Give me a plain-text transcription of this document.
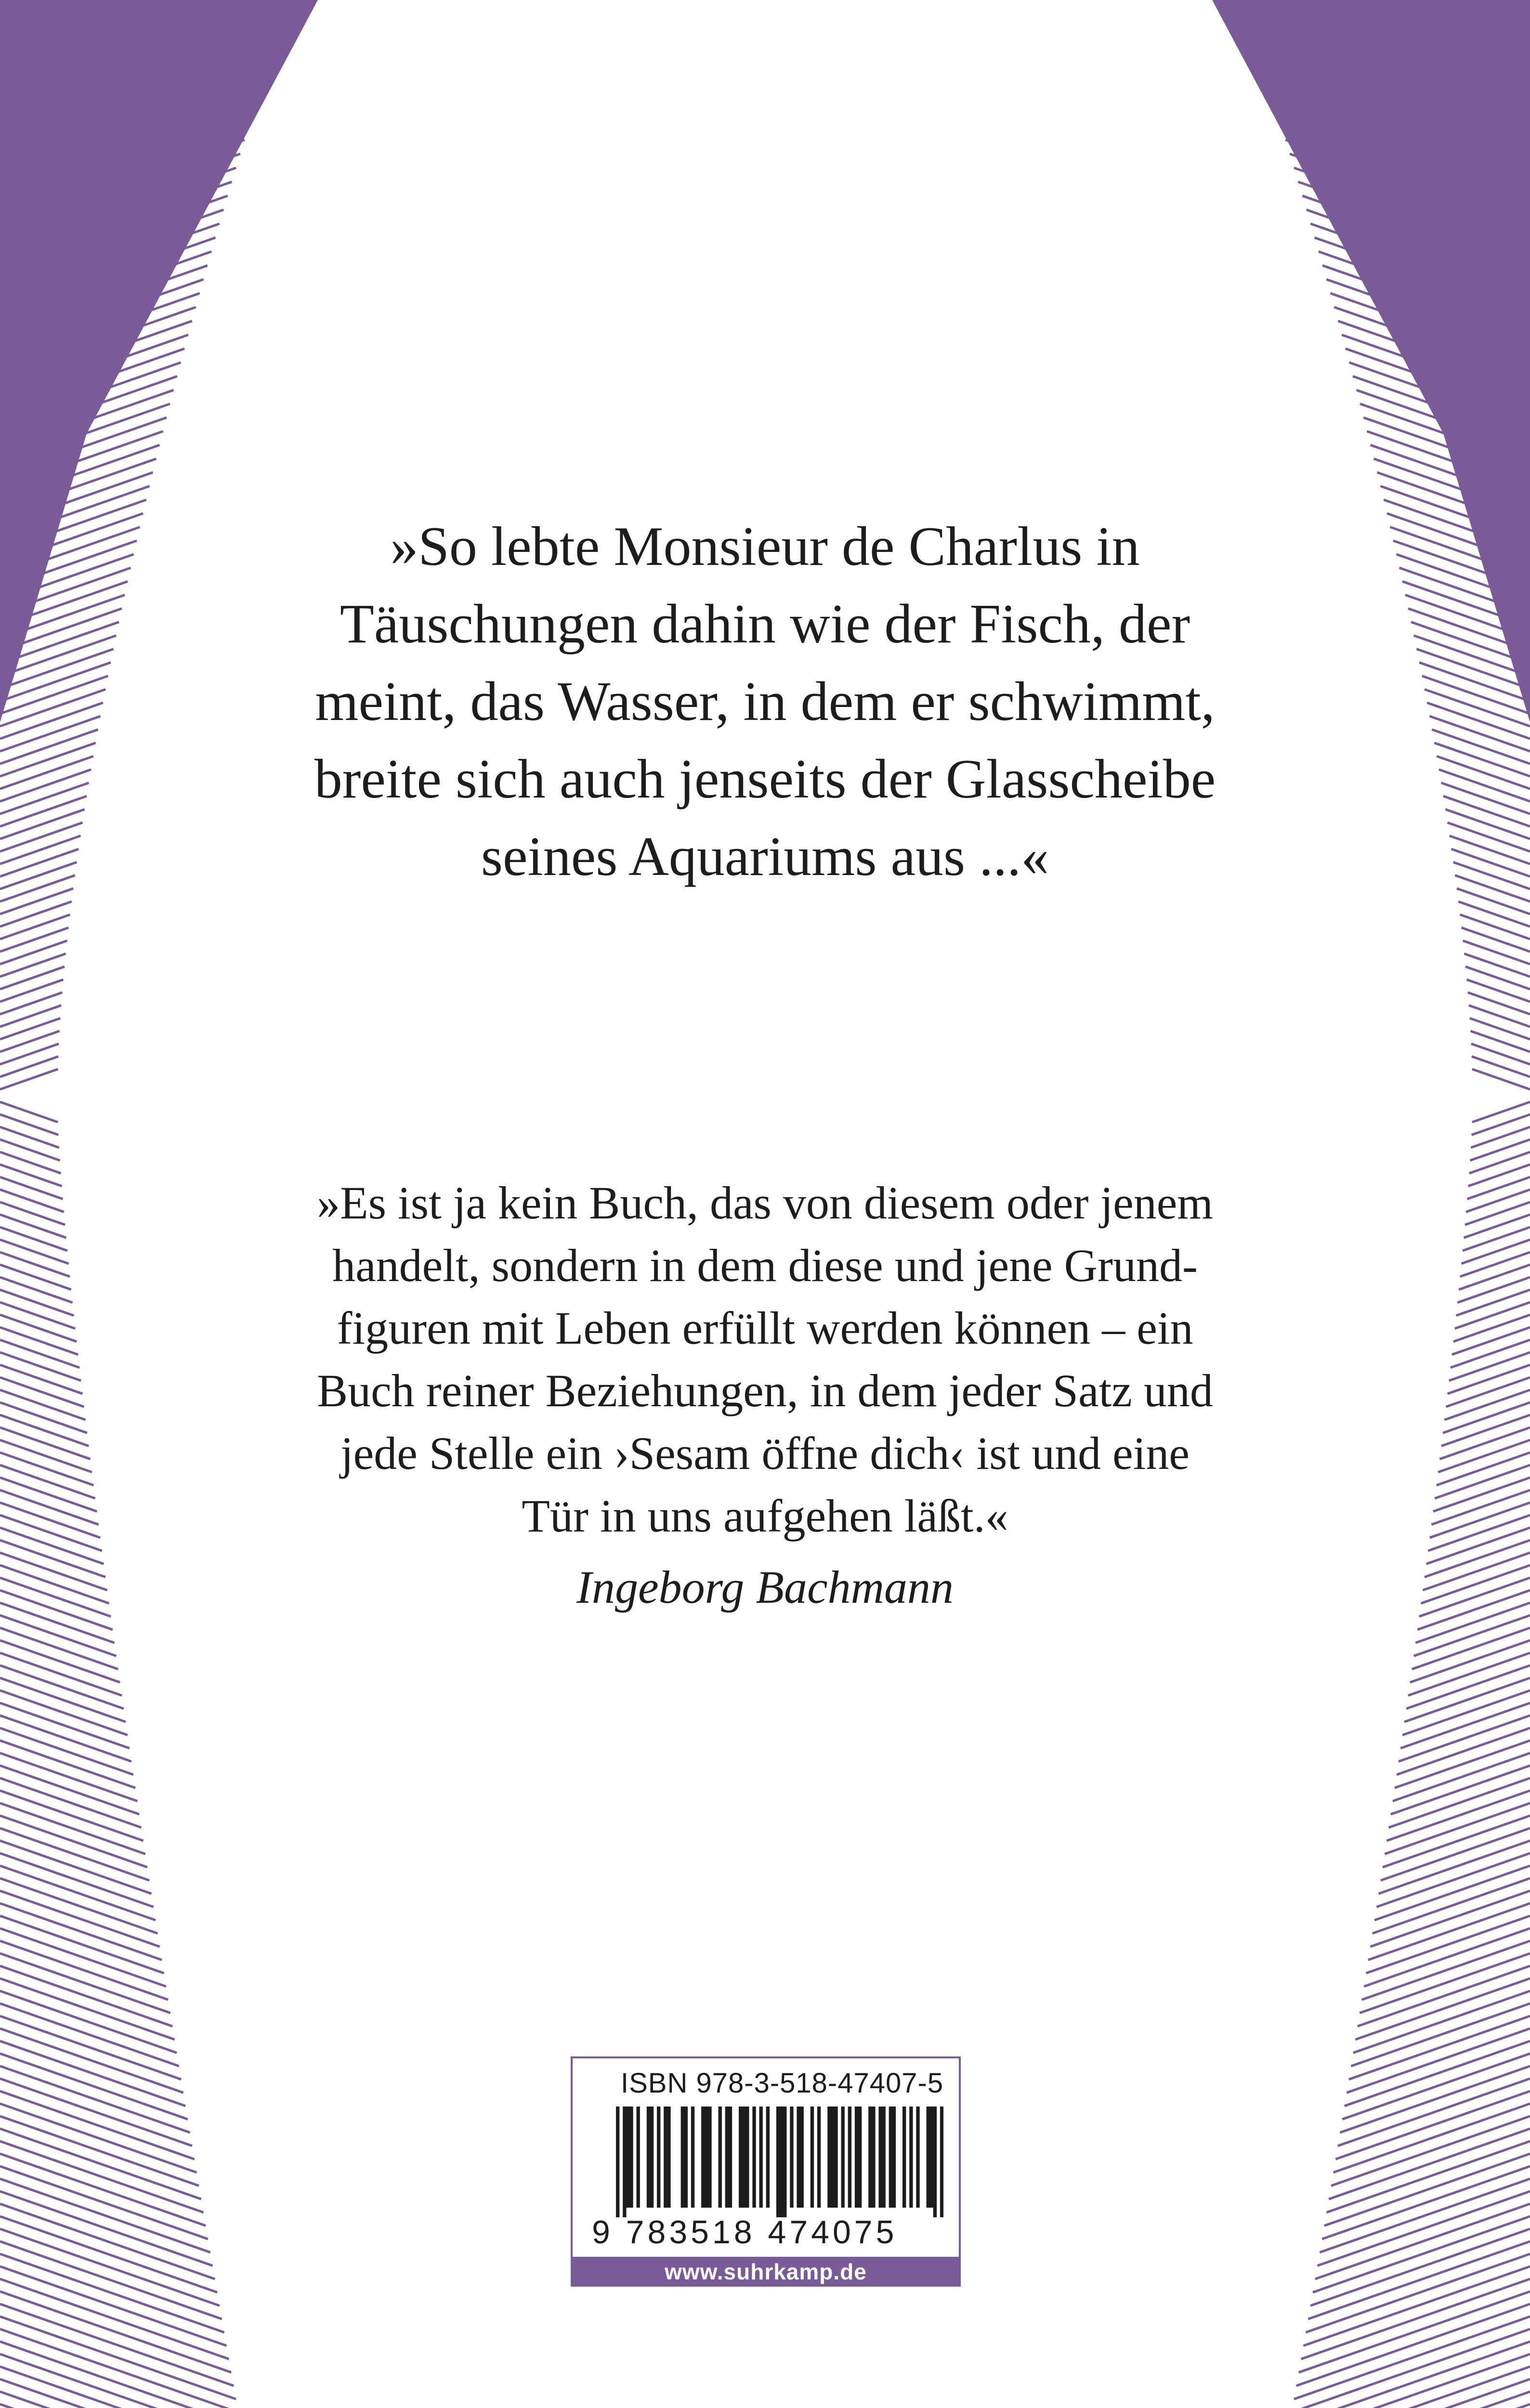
»So lebte Monsieur de Charlus in
Täuschungen dahin wie der Fisch, der
meint, das Wasser, in dem er schwimmt,
breite sich auch jenseits der Glasscheibe
seines Aquariums aus ...«
»Es ist ja kein Buch, das von diesem oder jenem
handelt, sondern in dem diese und jene Grund-
figuren mit Leben erfüllt werden können – ein
Buch reiner Beziehungen, in dem jeder Satz und
jede Stelle ein ›Sesam öffne dich‹ ist und eine
Tür in uns aufgehen läßt.«
Ingeborg Bachmann
ISBN 978-3-518-47407-5
9 783518 474075
www.suhrkamp.de
